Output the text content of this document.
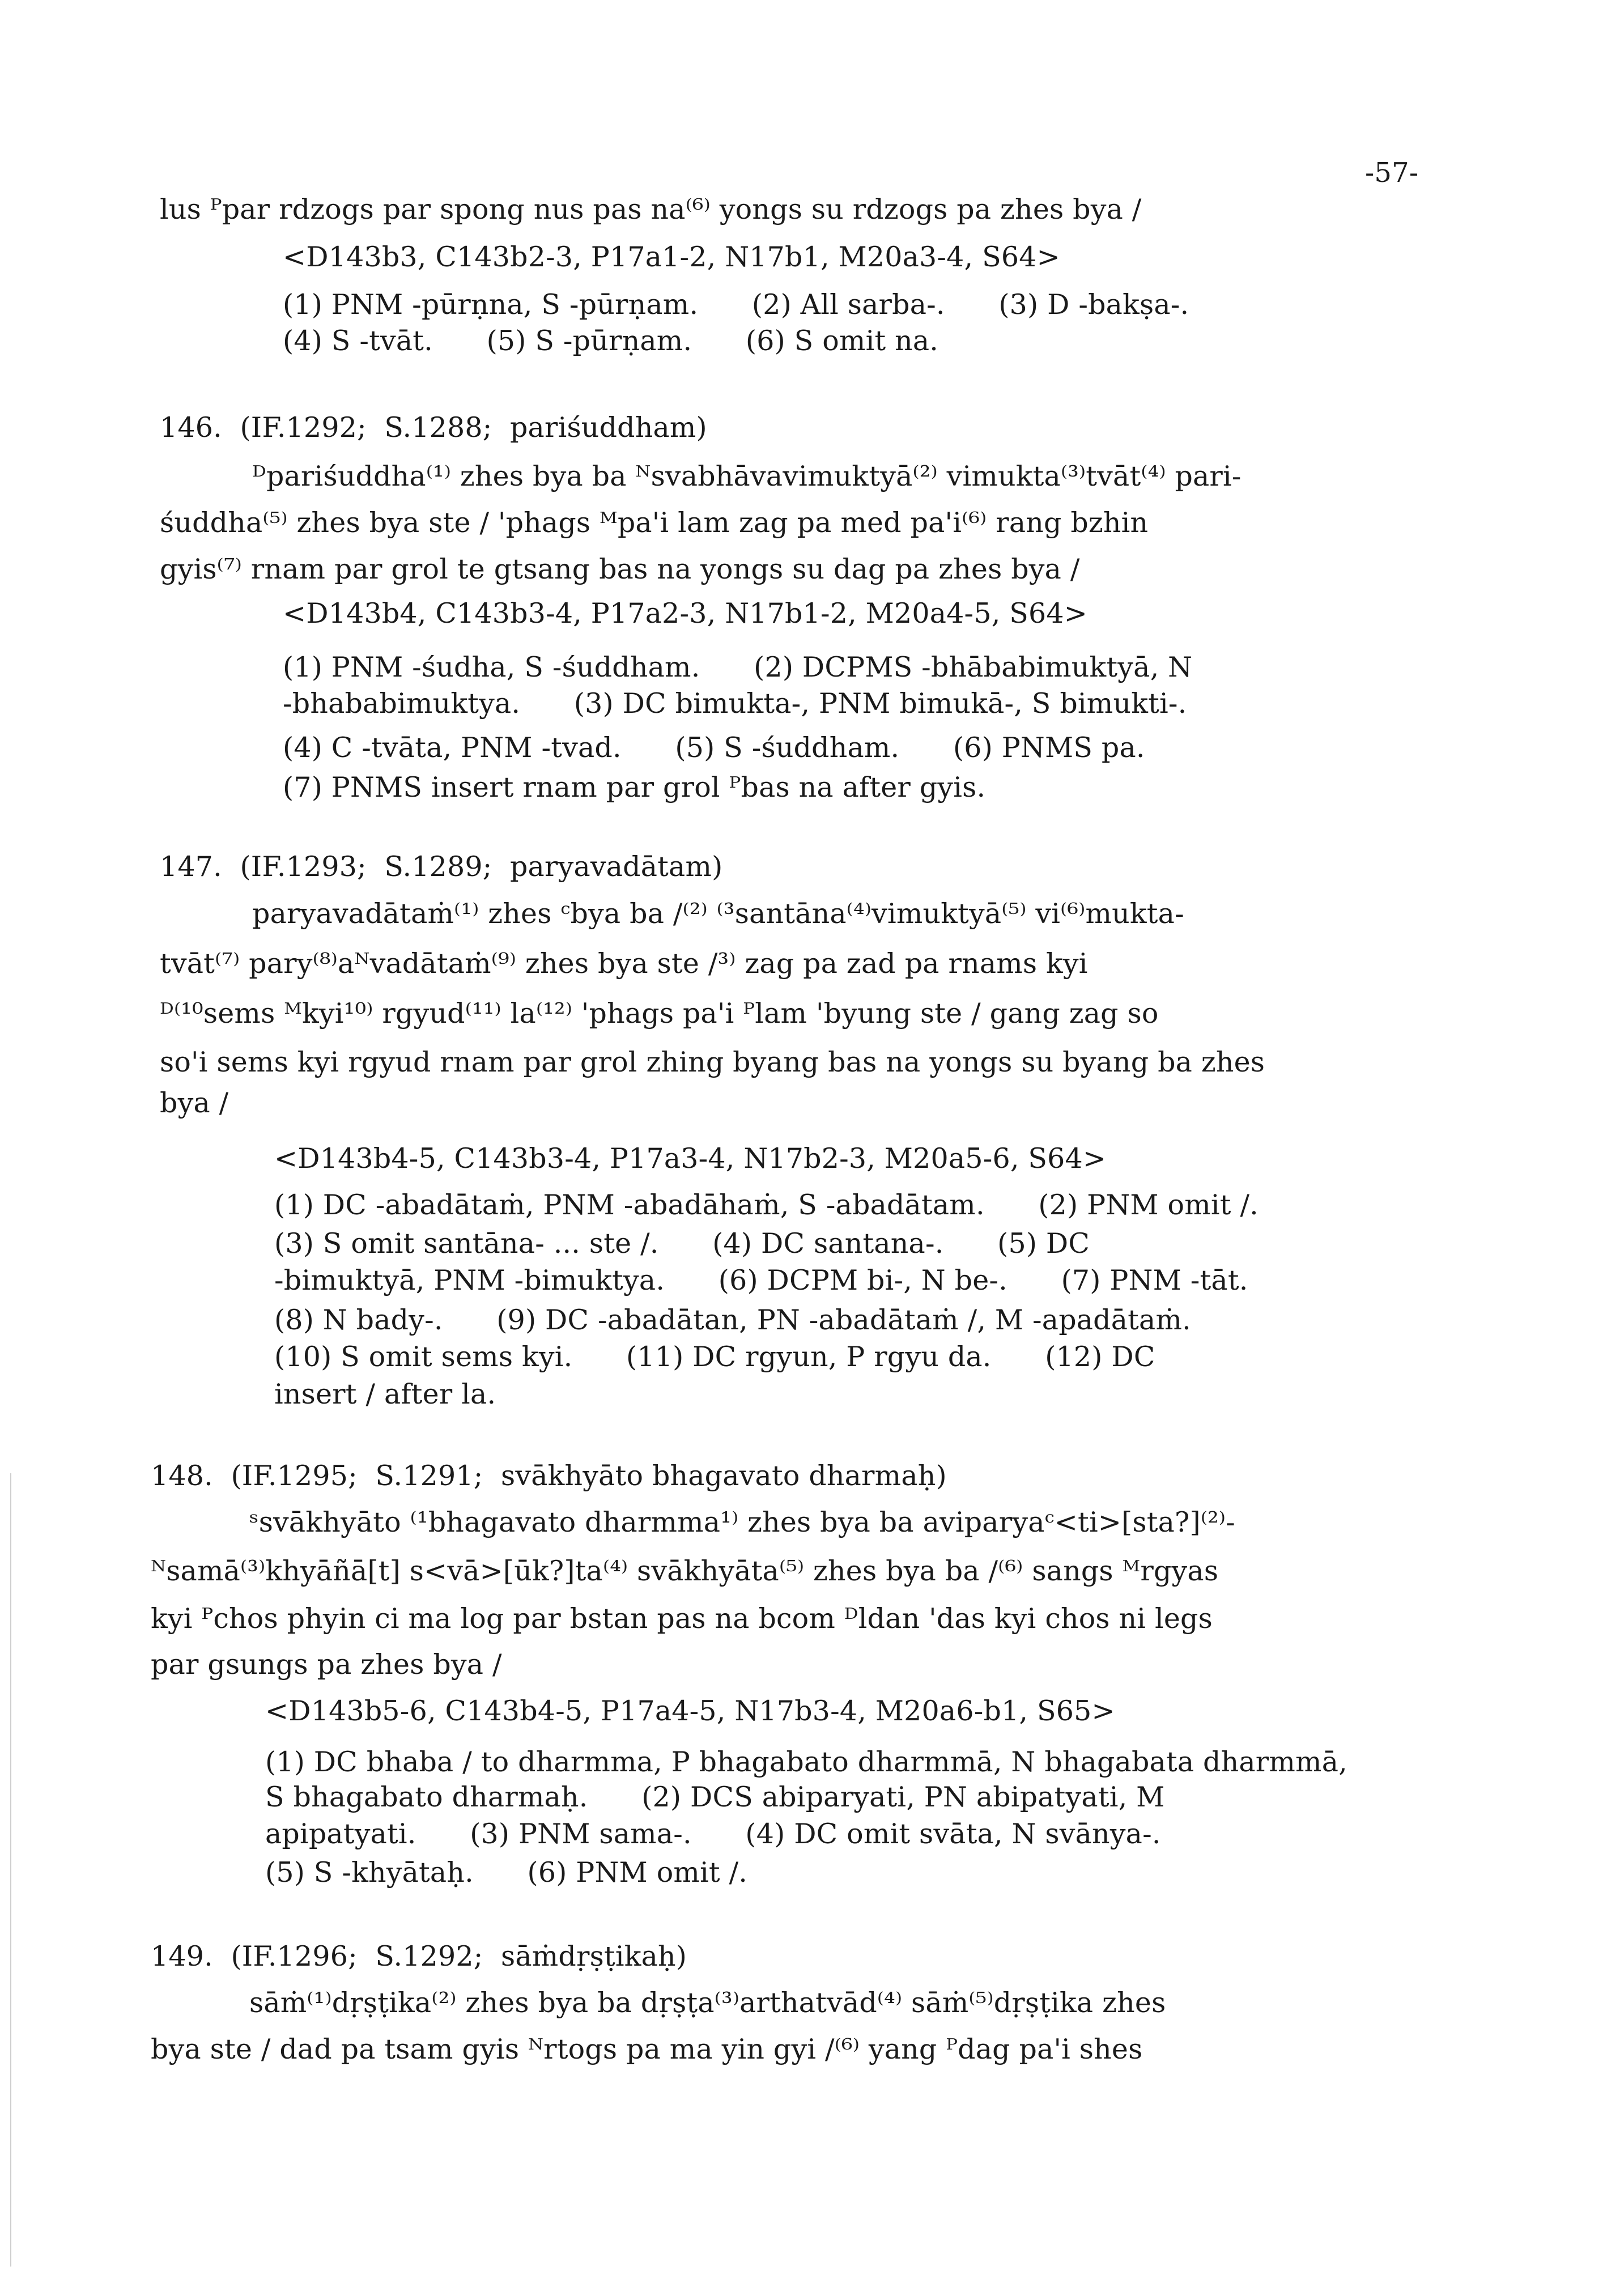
-57-
lus ᴾpar rdzogs par spong nus pas na⁽⁶⁾ yongs su rdzogs pa zhes bya /
<D143b3, C143b2-3, P17a1-2, N17b1, M20a3-4, S64>
(1) PNM -pūrṇna, S -pūrṇam.      (2) All sarba-.      (3) D -bakṣa-.
(4) S -tvāt.      (5) S -pūrṇam.      (6) S omit na.
146.  (IF.1292;  S.1288;  pariśuddham)
ᴰpariśuddha⁽¹⁾ zhes bya ba ᴺsvabhāvavimuktyā⁽²⁾ vimukta⁽³⁾tvāt⁽⁴⁾ pari-
śuddha⁽⁵⁾ zhes bya ste / 'phags ᴹpa'i lam zag pa med pa'i⁽⁶⁾ rang bzhin
gyis⁽⁷⁾ rnam par grol te gtsang bas na yongs su dag pa zhes bya /
<D143b4, C143b3-4, P17a2-3, N17b1-2, M20a4-5, S64>
(1) PNM -śudha, S -śuddham.      (2) DCPMS -bhābabimuktyā, N
-bhababimuktya.      (3) DC bimukta-, PNM bimukā-, S bimukti-.
(4) C -tvāta, PNM -tvad.      (5) S -śuddham.      (6) PNMS pa.
(7) PNMS insert rnam par grol ᴾbas na after gyis.
147.  (IF.1293;  S.1289;  paryavadātam)
paryavadātaṁ⁽¹⁾ zhes ᶜbya ba /⁽²⁾ ⁽³santāna⁽⁴⁾vimuktyā⁽⁵⁾ vi⁽⁶⁾mukta-
tvāt⁽⁷⁾ pary⁽⁸⁾aᴺvadātaṁ⁽⁹⁾ zhes bya ste /³⁾ zag pa zad pa rnams kyi
ᴰ⁽¹⁰sems ᴹkyi¹⁰⁾ rgyud⁽¹¹⁾ la⁽¹²⁾ 'phags pa'i ᴾlam 'byung ste / gang zag so
so'i sems kyi rgyud rnam par grol zhing byang bas na yongs su byang ba zhes
bya /
<D143b4-5, C143b3-4, P17a3-4, N17b2-3, M20a5-6, S64>
(1) DC -abadātaṁ, PNM -abadāhaṁ, S -abadātam.      (2) PNM omit /.
(3) S omit santāna- ... ste /.      (4) DC santana-.      (5) DC
-bimuktyā, PNM -bimuktya.      (6) DCPM bi-, N be-.      (7) PNM -tāt.
(8) N bady-.      (9) DC -abadātan, PN -abadātaṁ /, M -apadātaṁ.
(10) S omit sems kyi.      (11) DC rgyun, P rgyu da.      (12) DC
insert / after la.
148.  (IF.1295;  S.1291;  svākhyāto bhagavato dharmaḥ)
ˢsvākhyāto ⁽¹bhagavato dharmma¹⁾ zhes bya ba aviparyaᶜ<ti>[sta?]⁽²⁾-
ᴺsamā⁽³⁾khyāñā[t] s<vā>[ūk?]ta⁽⁴⁾ svākhyāta⁽⁵⁾ zhes bya ba /⁽⁶⁾ sangs ᴹrgyas
kyi ᴾchos phyin ci ma log par bstan pas na bcom ᴰldan 'das kyi chos ni legs
par gsungs pa zhes bya /
<D143b5-6, C143b4-5, P17a4-5, N17b3-4, M20a6-b1, S65>
(1) DC bhaba / to dharmma, P bhagabato dharmmā, N bhagabata dharmmā,
S bhagabato dharmaḥ.      (2) DCS abiparyati, PN abipatyati, M
apipatyati.      (3) PNM sama-.      (4) DC omit svāta, N svānya-.
(5) S -khyātaḥ.      (6) PNM omit /.
149.  (IF.1296;  S.1292;  sāṁdṛṣṭikaḥ)
sāṁ⁽¹⁾dṛṣṭika⁽²⁾ zhes bya ba dṛṣṭa⁽³⁾arthatvād⁽⁴⁾ sāṁ⁽⁵⁾dṛṣṭika zhes
bya ste / dad pa tsam gyis ᴺrtogs pa ma yin gyi /⁽⁶⁾ yang ᴾdag pa'i shes
